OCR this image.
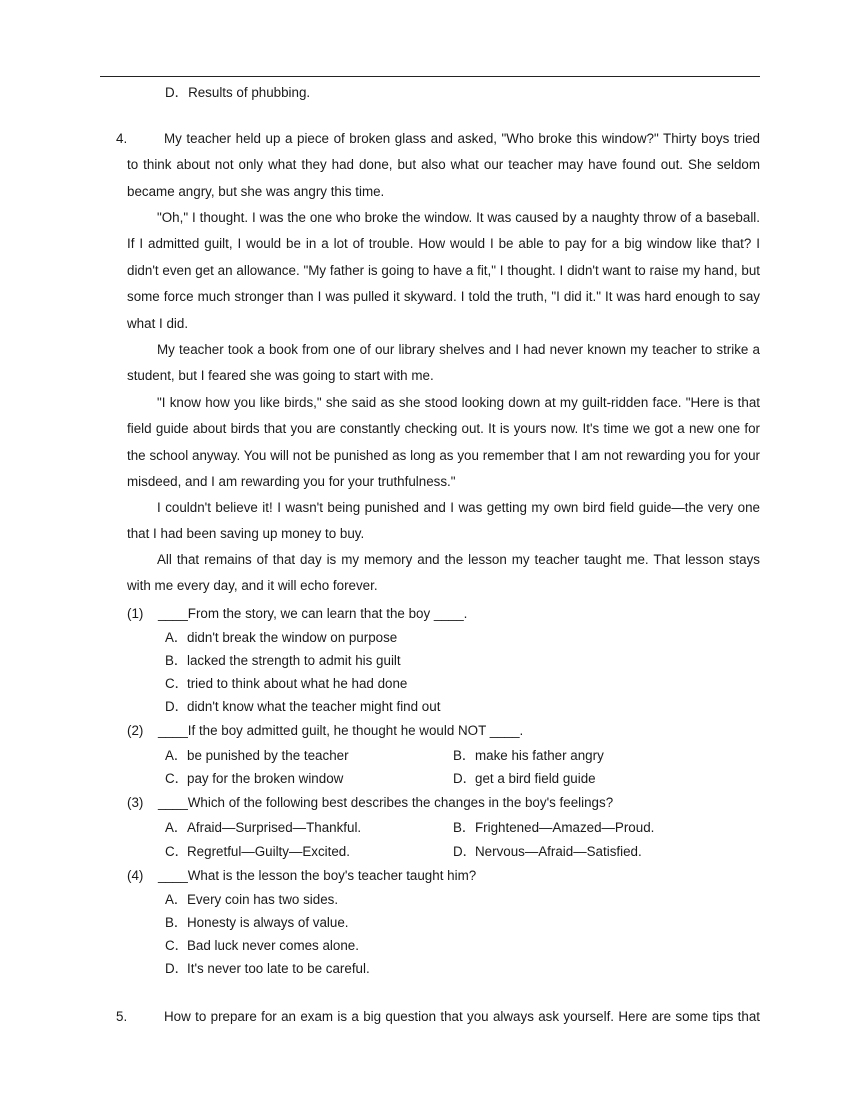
D．Results of phubbing.
4.	My teacher held up a piece of broken glass and asked, "Who broke this window?" Thirty boys tried to think about not only what they had done, but also what our teacher may have found out. She seldom became angry, but she was angry this time.
"Oh," I thought. I was the one who broke the window. It was caused by a naughty throw of a baseball. If I admitted guilt, I would be in a lot of trouble. How would I be able to pay for a big window like that? I didn't even get an allowance. "My father is going to have a fit," I thought. I didn't want to raise my hand, but some force much stronger than I was pulled it skyward. I told the truth, "I did it." It was hard enough to say what I did.
My teacher took a book from one of our library shelves and I had never known my teacher to strike a student, but I feared she was going to start with me.
"I know how you like birds," she said as she stood looking down at my guilt-ridden face. "Here is that field guide about birds that you are constantly checking out. It is yours now. It's time we got a new one for the school anyway. You will not be punished as long as you remember that I am not rewarding you for your misdeed, and I am rewarding you for your truthfulness."
I couldn't believe it! I wasn't being punished and I was getting my own bird field guide—the very one that I had been saving up money to buy.
All that remains of that day is my memory and the lesson my teacher taught me. That lesson stays with me every day, and it will echo forever.
(1) ____From the story, we can learn that the boy ____.
A．didn't break the window on purpose
B．lacked the strength to admit his guilt
C．tried to think about what he had done
D．didn't know what the teacher might find out
(2) ____If the boy admitted guilt, he thought he would NOT ____.
A．be punished by the teacher	B．make his father angry
C．pay for the broken window	D．get a bird field guide
(3) ____Which of the following best describes the changes in the boy's feelings?
A．Afraid—Surprised—Thankful.	B．Frightened—Amazed—Proud.
C．Regretful—Guilty—Excited.	D．Nervous—Afraid—Satisfied.
(4) ____What is the lesson the boy's teacher taught him?
A．Every coin has two sides.
B．Honesty is always of value.
C．Bad luck never comes alone.
D．It's never too late to be careful.
5.	How to prepare for an exam is a big question that you always ask yourself. Here are some tips that
